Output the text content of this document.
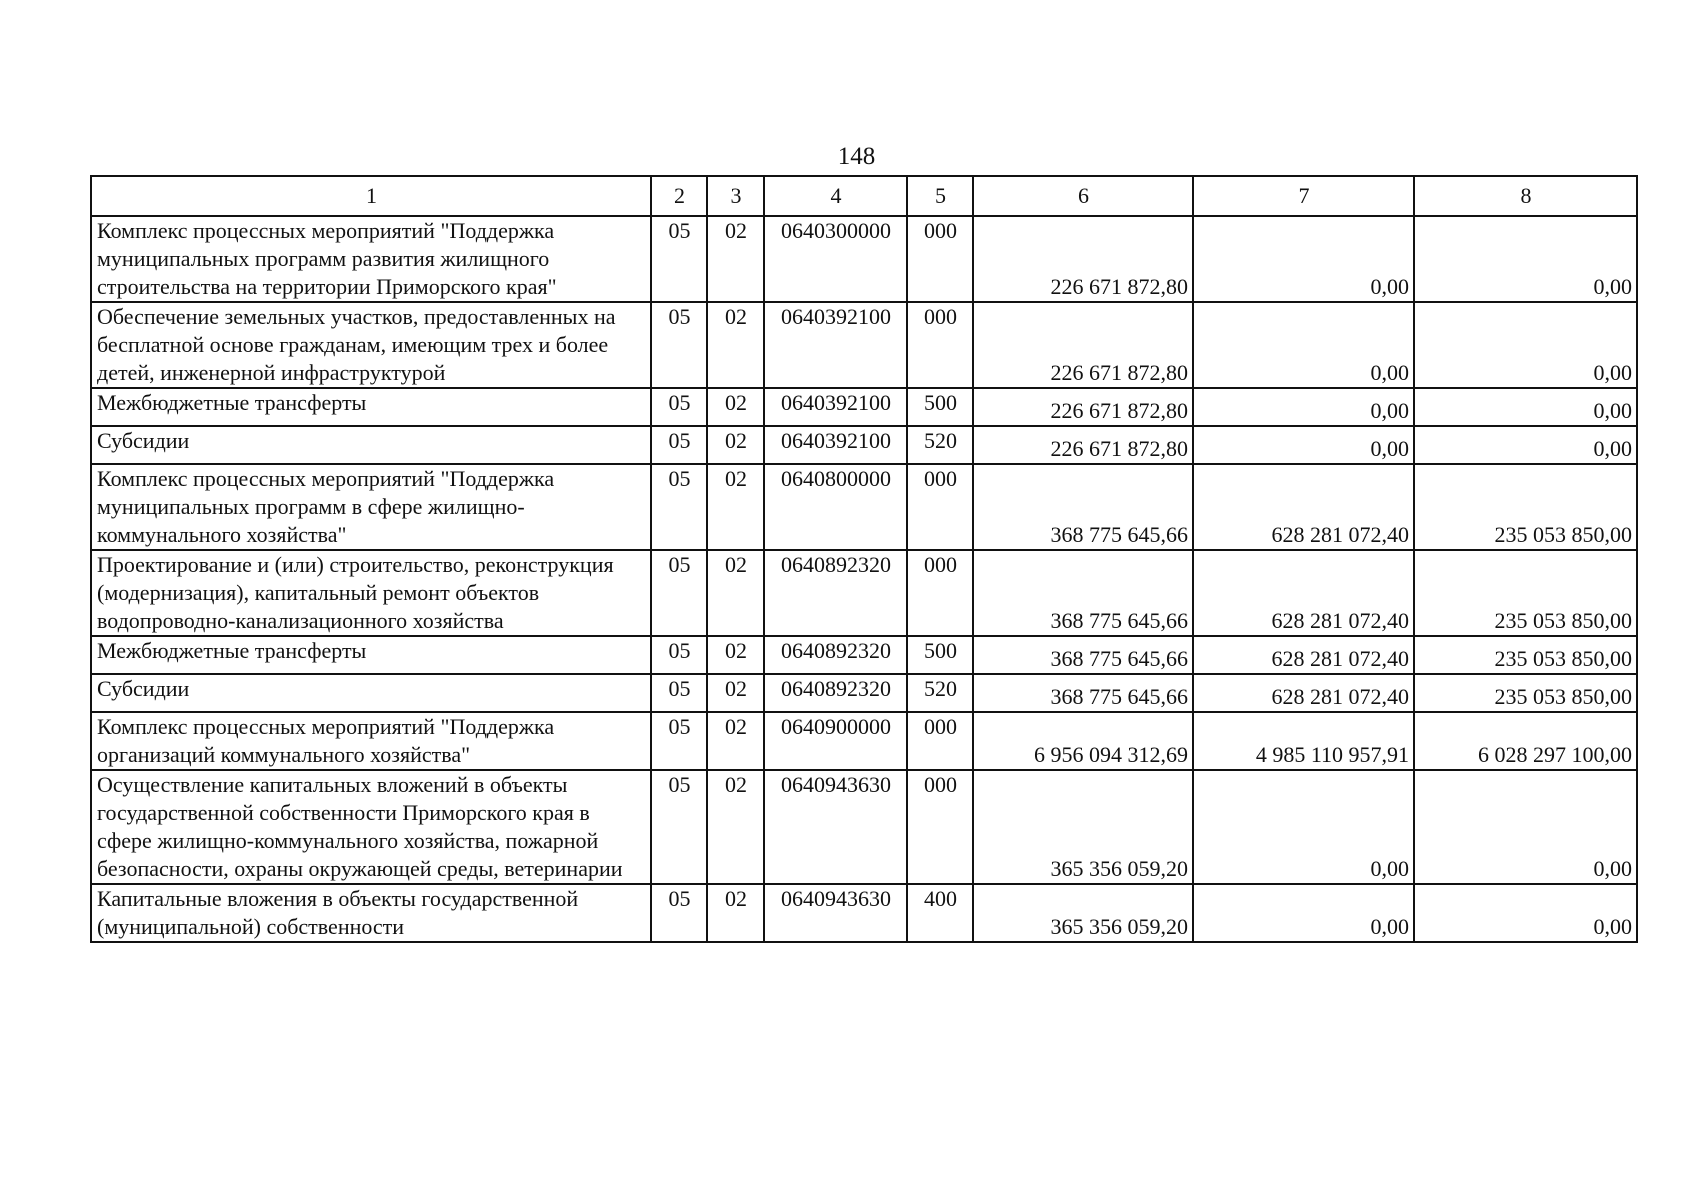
148
1	2	3	4	5	6	7	8
Комплекс процессных мероприятий "Поддержка муниципальных программ развития жилищного строительства на территории Приморского края"	05	02	0640300000	000	226 671 872,80	0,00	0,00
Обеспечение земельных участков, предоставленных на бесплатной основе гражданам, имеющим трех и более детей, инженерной инфраструктурой	05	02	0640392100	000	226 671 872,80	0,00	0,00
Межбюджетные трансферты	05	02	0640392100	500	226 671 872,80	0,00	0,00
Субсидии	05	02	0640392100	520	226 671 872,80	0,00	0,00
Комплекс процессных мероприятий "Поддержка муниципальных программ в сфере жилищно-коммунального хозяйства"	05	02	0640800000	000	368 775 645,66	628 281 072,40	235 053 850,00
Проектирование и (или) строительство, реконструкция (модернизация), капитальный ремонт объектов водопроводно-канализационного хозяйства	05	02	0640892320	000	368 775 645,66	628 281 072,40	235 053 850,00
Межбюджетные трансферты	05	02	0640892320	500	368 775 645,66	628 281 072,40	235 053 850,00
Субсидии	05	02	0640892320	520	368 775 645,66	628 281 072,40	235 053 850,00
Комплекс процессных мероприятий "Поддержка организаций коммунального хозяйства"	05	02	0640900000	000	6 956 094 312,69	4 985 110 957,91	6 028 297 100,00
Осуществление капитальных вложений в объекты государственной собственности Приморского края в сфере жилищно-коммунального хозяйства, пожарной безопасности, охраны окружающей среды, ветеринарии	05	02	0640943630	000	365 356 059,20	0,00	0,00
Капитальные вложения в объекты государственной (муниципальной) собственности	05	02	0640943630	400	365 356 059,20	0,00	0,00
